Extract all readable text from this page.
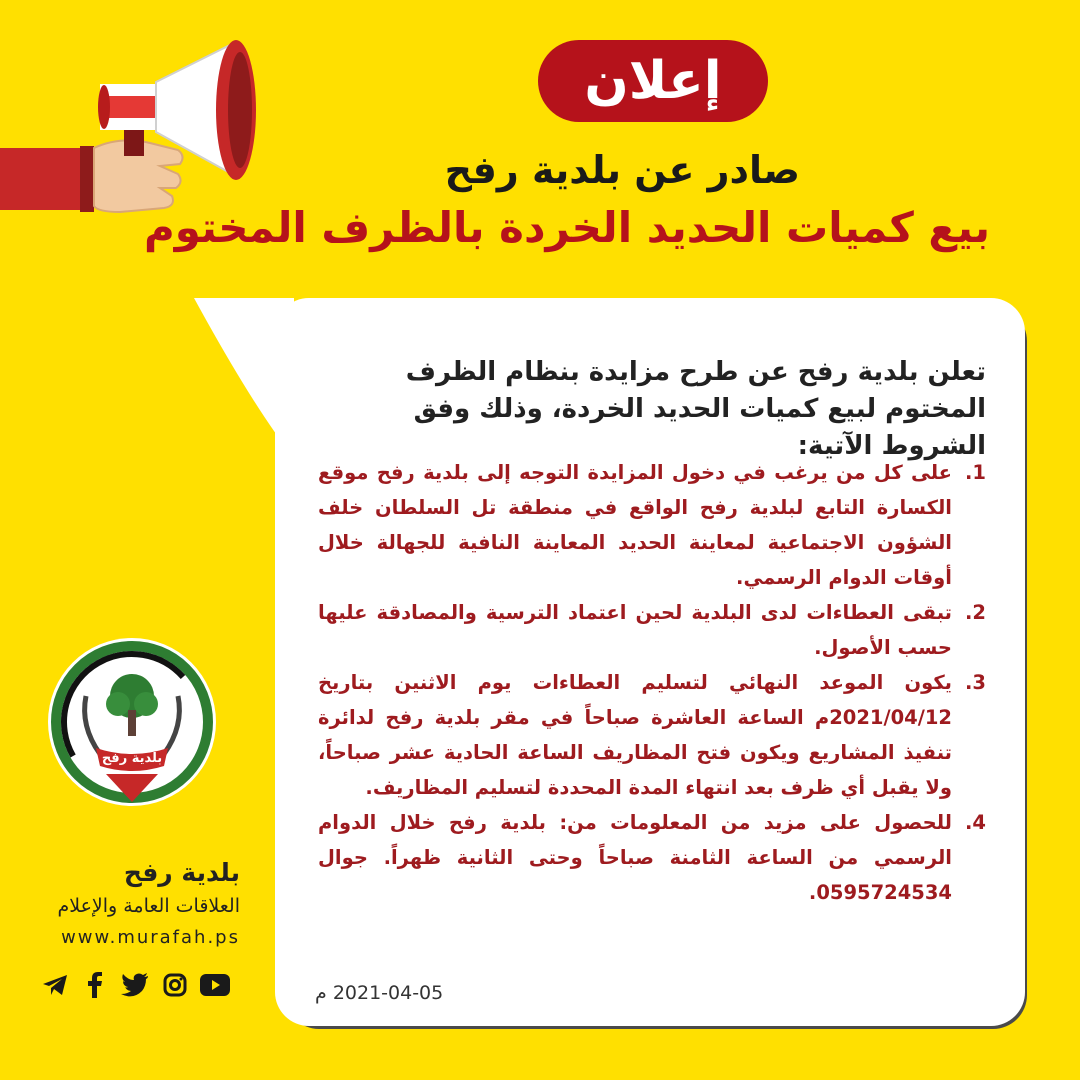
إعلان
صادر عن بلدية رفح
بيع كميات الحديد الخردة بالظرف المختوم
تعلن بلدية رفح عن طرح مزايدة بنظام الظرف المختوم لبيع كميات الحديد الخردة، وذلك وفق الشروط الآتية:
1.
على كل من يرغب في دخول المزايدة التوجه إلى بلدية رفح موقع الكسارة التابع لبلدية رفح الواقع في منطقة تل السلطان خلف الشؤون الاجتماعية لمعاينة الحديد المعاينة النافية للجهالة خلال أوقات الدوام الرسمي.
2.
تبقى العطاءات لدى البلدية لحين اعتماد الترسية والمصادقة عليها حسب الأصول.
3.
يكون الموعد النهائي لتسليم العطاءات يوم الاثنين بتاريخ 2021/04/12م الساعة العاشرة صباحاً في مقر بلدية رفح لدائرة تنفيذ المشاريع ويكون فتح المظاريف الساعة الحادية عشر صباحاً، ولا يقبل أي ظرف بعد انتهاء المدة المحددة لتسليم المظاريف.
4.
للحصول على مزيد من المعلومات من: بلدية رفح خلال الدوام الرسمي من الساعة الثامنة صباحاً وحتى الثانية ظهراً. جوال 0595724534.
2021-04-05 م
بلدية رفح
بلدية رفح
العلاقات العامة والإعلام
www.murafah.ps
